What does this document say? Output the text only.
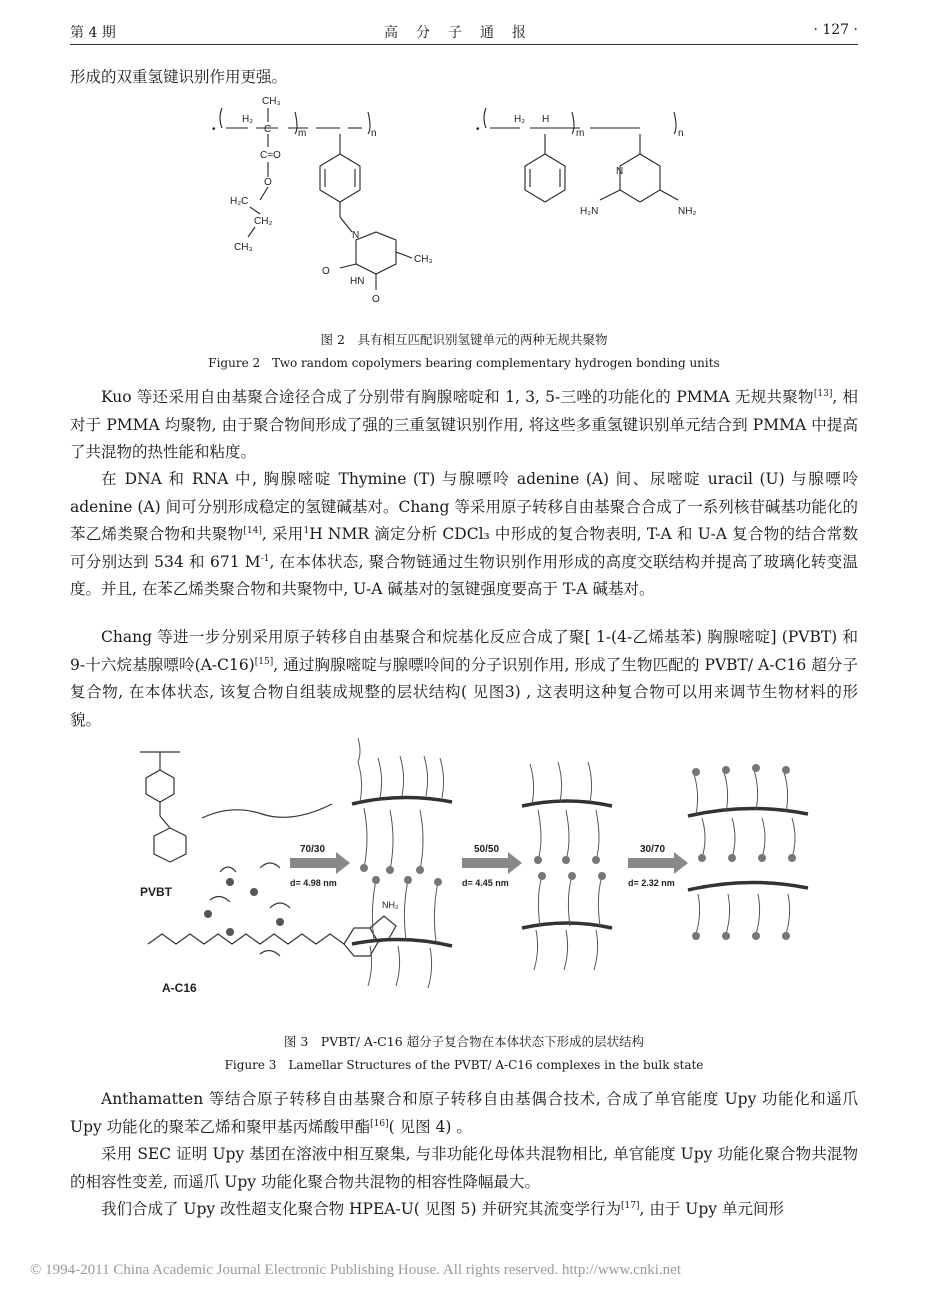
第 4 期	高分子通报	· 127 ·
形成的双重氢键识别作用更强。
•	•
CH₃
H₂
C	m	n
C=O
O
H₂C
CH₂
CH₃
N
O
HN
O
CH₃
H₂ H
m	n
N
H₂N	NH₂
图 2　具有相互匹配识别氢键单元的两种无规共聚物
Figure 2　Two random copolymers bearing complementary hydrogen bonding units
Kuo 等还采用自由基聚合途径合成了分别带有胸腺嘧啶和 1, 3, 5-三唑的功能化的 PMMA 无规共聚物[13], 相对于 PMMA 均聚物, 由于聚合物间形成了强的三重氢键识别作用, 将这些多重氢键识别单元结合到 PMMA 中提高了共混物的热性能和粘度。
在 DNA 和 RNA 中, 胸腺嘧啶 Thymine (T) 与腺嘌呤 adenine (A) 间、尿嘧啶 uracil (U) 与腺嘌呤 adenine (A) 间可分别形成稳定的氢键碱基对。Chang 等采用原子转移自由基聚合合成了一系列核苷碱基功能化的苯乙烯类聚合物和共聚物[14], 采用$^1$H NMR 滴定分析 CDCl₃ 中形成的复合物表明, T-A 和 U-A 复合物的结合常数可分别达到 534 和 671 $M^{-1}$, 在本体状态, 聚合物链通过生物识别作用形成的高度交联结构并提高了玻璃化转变温度。并且, 在苯乙烯类聚合物和共聚物中, U-A 碱基对的氢键强度要高于 T-A 碱基对。
Chang 等进一步分别采用原子转移自由基聚合和烷基化反应合成了聚[ 1-(4-乙烯基苯) 胸腺嘧啶] (PVBT) 和 9-十六烷基腺嘌呤(A-C16)[15], 通过胸腺嘧啶与腺嘌呤间的分子识别作用, 形成了生物匹配的 PVBT/ A-C16 超分子复合物, 在本体状态, 该复合物自组装成规整的层状结构( 见图3) , 这表明这种复合物可以用来调节生物材料的形貌。
PVBT
A-C16
NH₂
70/30
d= 4.98 nm
50/50
d= 4.45 nm
30/70
d= 2.32 nm
图 3　PVBT/ A-C16 超分子复合物在本体状态下形成的层状结构
Figure 3　Lamellar Structures of the PVBT/ A-C16 complexes in the bulk state
Anthamatten 等结合原子转移自由基聚合和原子转移自由基偶合技术, 合成了单官能度 Upy 功能化和遥爪 Upy 功能化的聚苯乙烯和聚甲基丙烯酸甲酯[16]( 见图 4) 。
采用 SEC 证明 Upy 基团在溶液中相互聚集, 与非功能化母体共混物相比, 单官能度 Upy 功能化聚合物共混物的相容性变差, 而遥爪 Upy 功能化聚合物共混物的相容性降幅最大。
我们合成了 Upy 改性超支化聚合物 HPEA-U( 见图 5) 并研究其流变学行为[17], 由于 Upy 单元间形
© 1994-2011 China Academic Journal Electronic Publishing House. All rights reserved. http://www.cnki.net
